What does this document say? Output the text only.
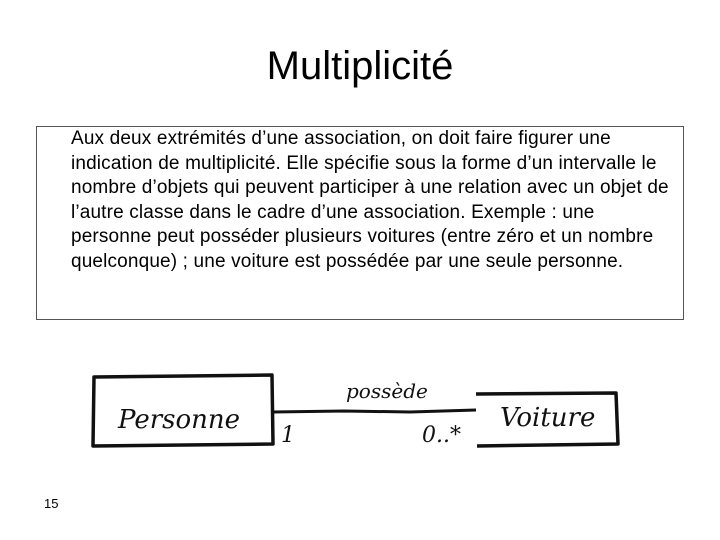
Multiplicité
Aux deux extrémités d’une association, on doit faire figurer une indication de multiplicité. Elle spécifie sous la forme d’un intervalle le nombre d’objets qui peuvent participer à une relation avec un objet de l’autre classe dans le cadre d’une association. Exemple : une personne peut posséder plusieurs voitures (entre zéro et un nombre quelconque) ; une voiture est possédée par une seule personne.
Personne	Voiture
possède
1	0..*
15
